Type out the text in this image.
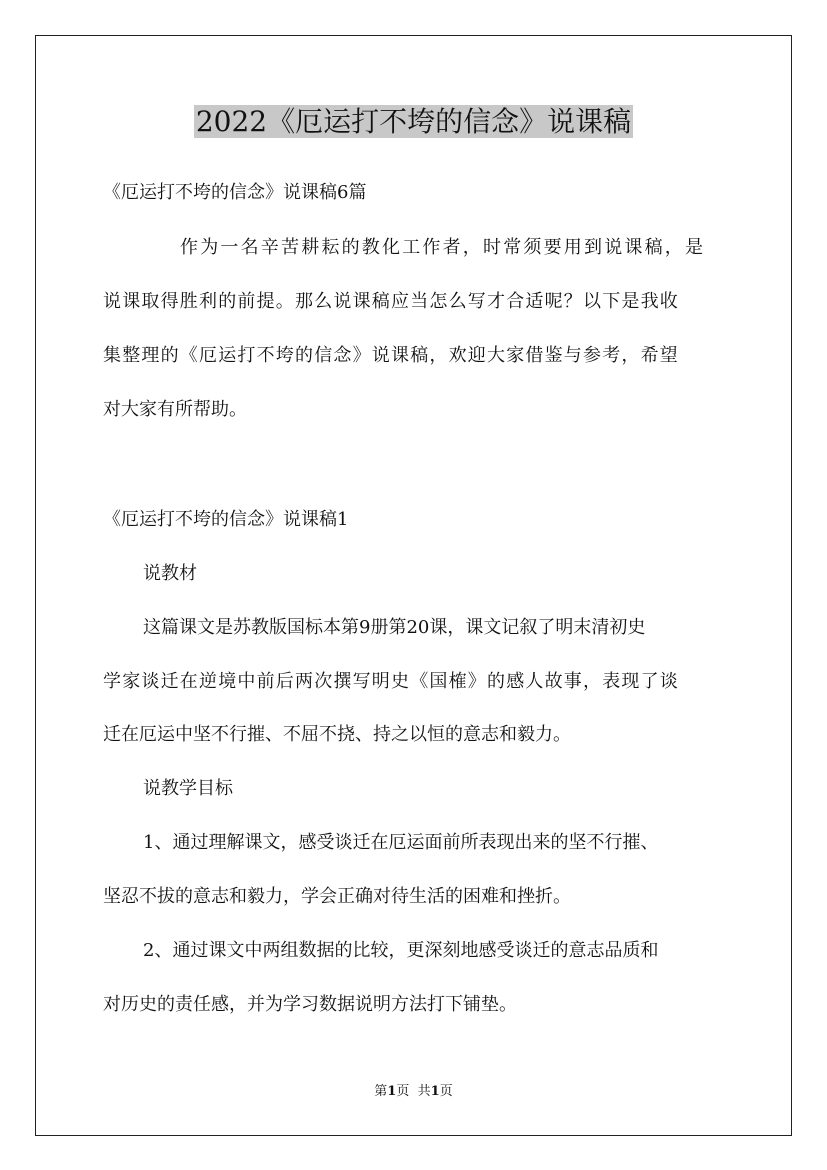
2022《厄运打不垮的信念》说课稿

《厄运打不垮的信念》说课稿6篇

作为一名辛苦耕耘的教化工作者，时常须要用到说课稿，是

说课取得胜利的前提。那么说课稿应当怎么写才合适呢？以下是我收

集整理的《厄运打不垮的信念》说课稿，欢迎大家借鉴与参考，希望

对大家有所帮助。

《厄运打不垮的信念》说课稿1

说教材

这篇课文是苏教版国标本第9册第20课，课文记叙了明末清初史

学家谈迁在逆境中前后两次撰写明史《国榷》的感人故事，表现了谈

迁在厄运中坚不行摧、不屈不挠、持之以恒的意志和毅力。

说教学目标

1、通过理解课文，感受谈迁在厄运面前所表现出来的坚不行摧、

坚忍不拔的意志和毅力，学会正确对待生活的困难和挫折。

2、通过课文中两组数据的比较，更深刻地感受谈迁的意志品质和

对历史的责任感，并为学习数据说明方法打下铺垫。

第1页 共1页
